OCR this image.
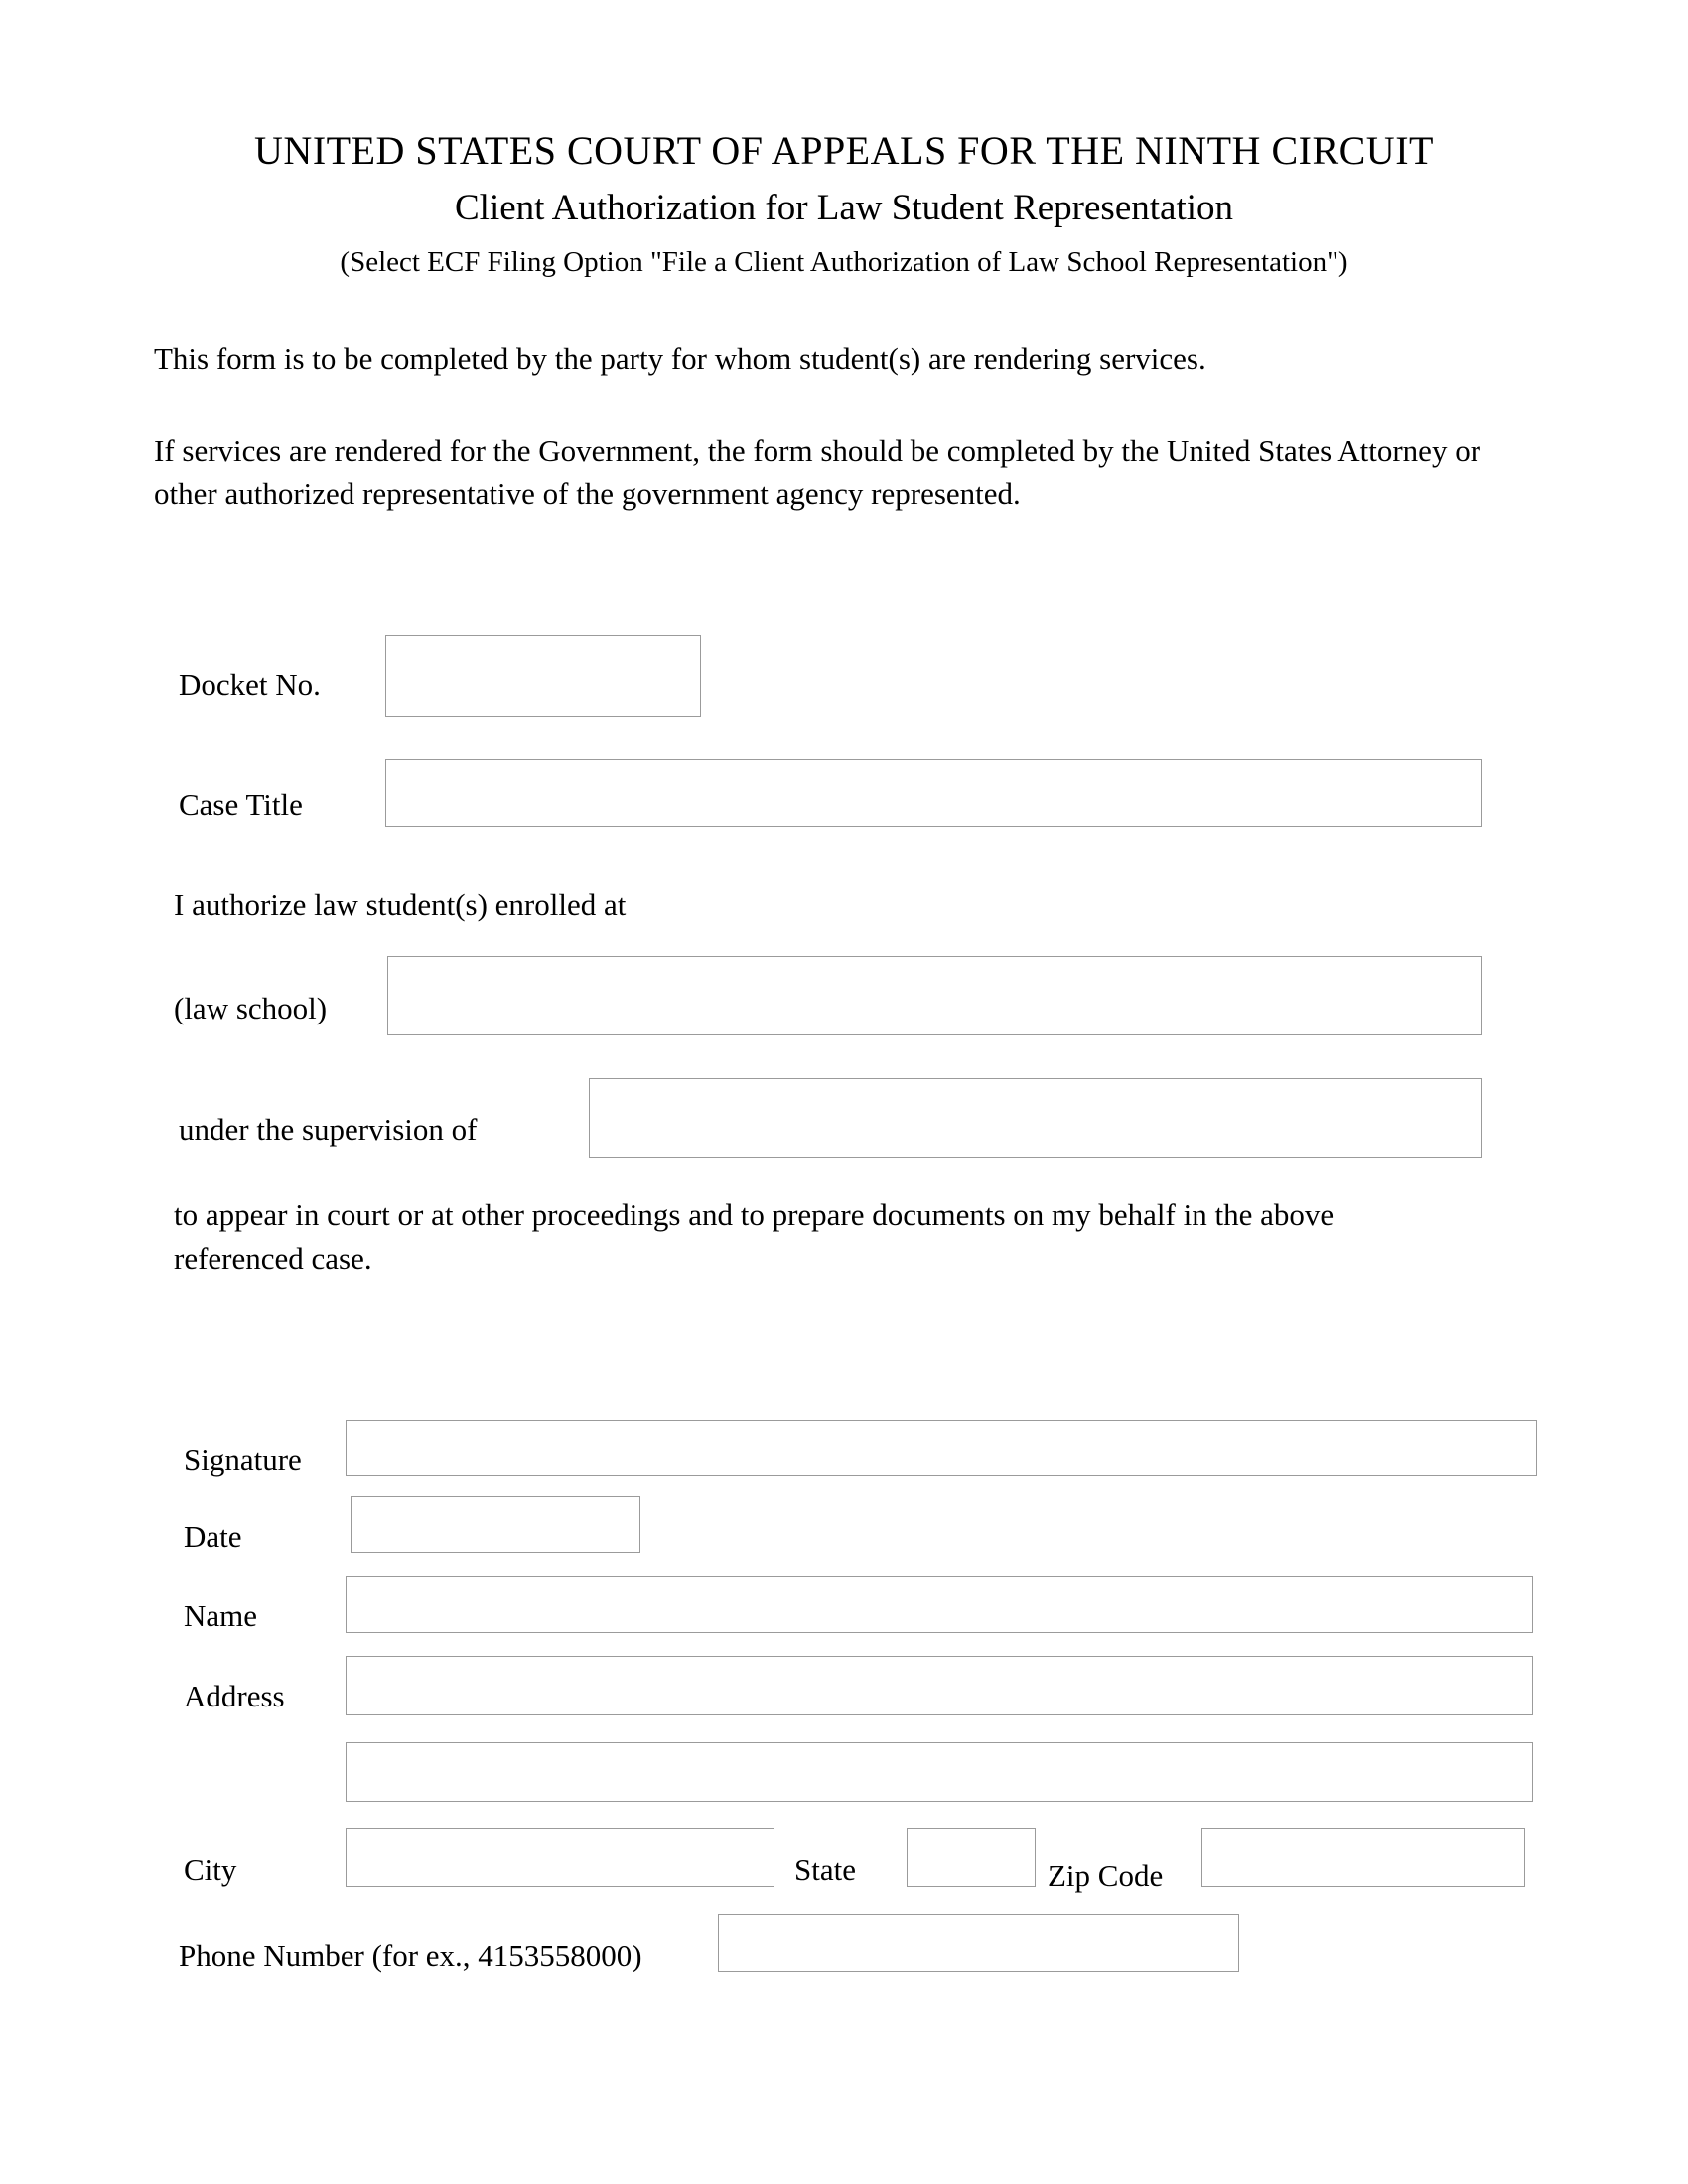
UNITED STATES COURT OF APPEALS FOR THE NINTH CIRCUIT
Client Authorization for Law Student Representation
(Select ECF Filing Option "File a Client Authorization of Law School Representation")
This form is to be completed by the party for whom student(s) are rendering services.
If services are rendered for the Government, the form should be completed by the United States Attorney or other authorized representative of the government agency represented.
Docket No.
Case Title
I authorize law student(s) enrolled at
(law school)
under the supervision of
to appear in court or at other proceedings and to prepare documents on my behalf in the above referenced case.
Signature
Date
Name
Address
City	State	Zip Code
Phone Number (for ex., 4153558000)
